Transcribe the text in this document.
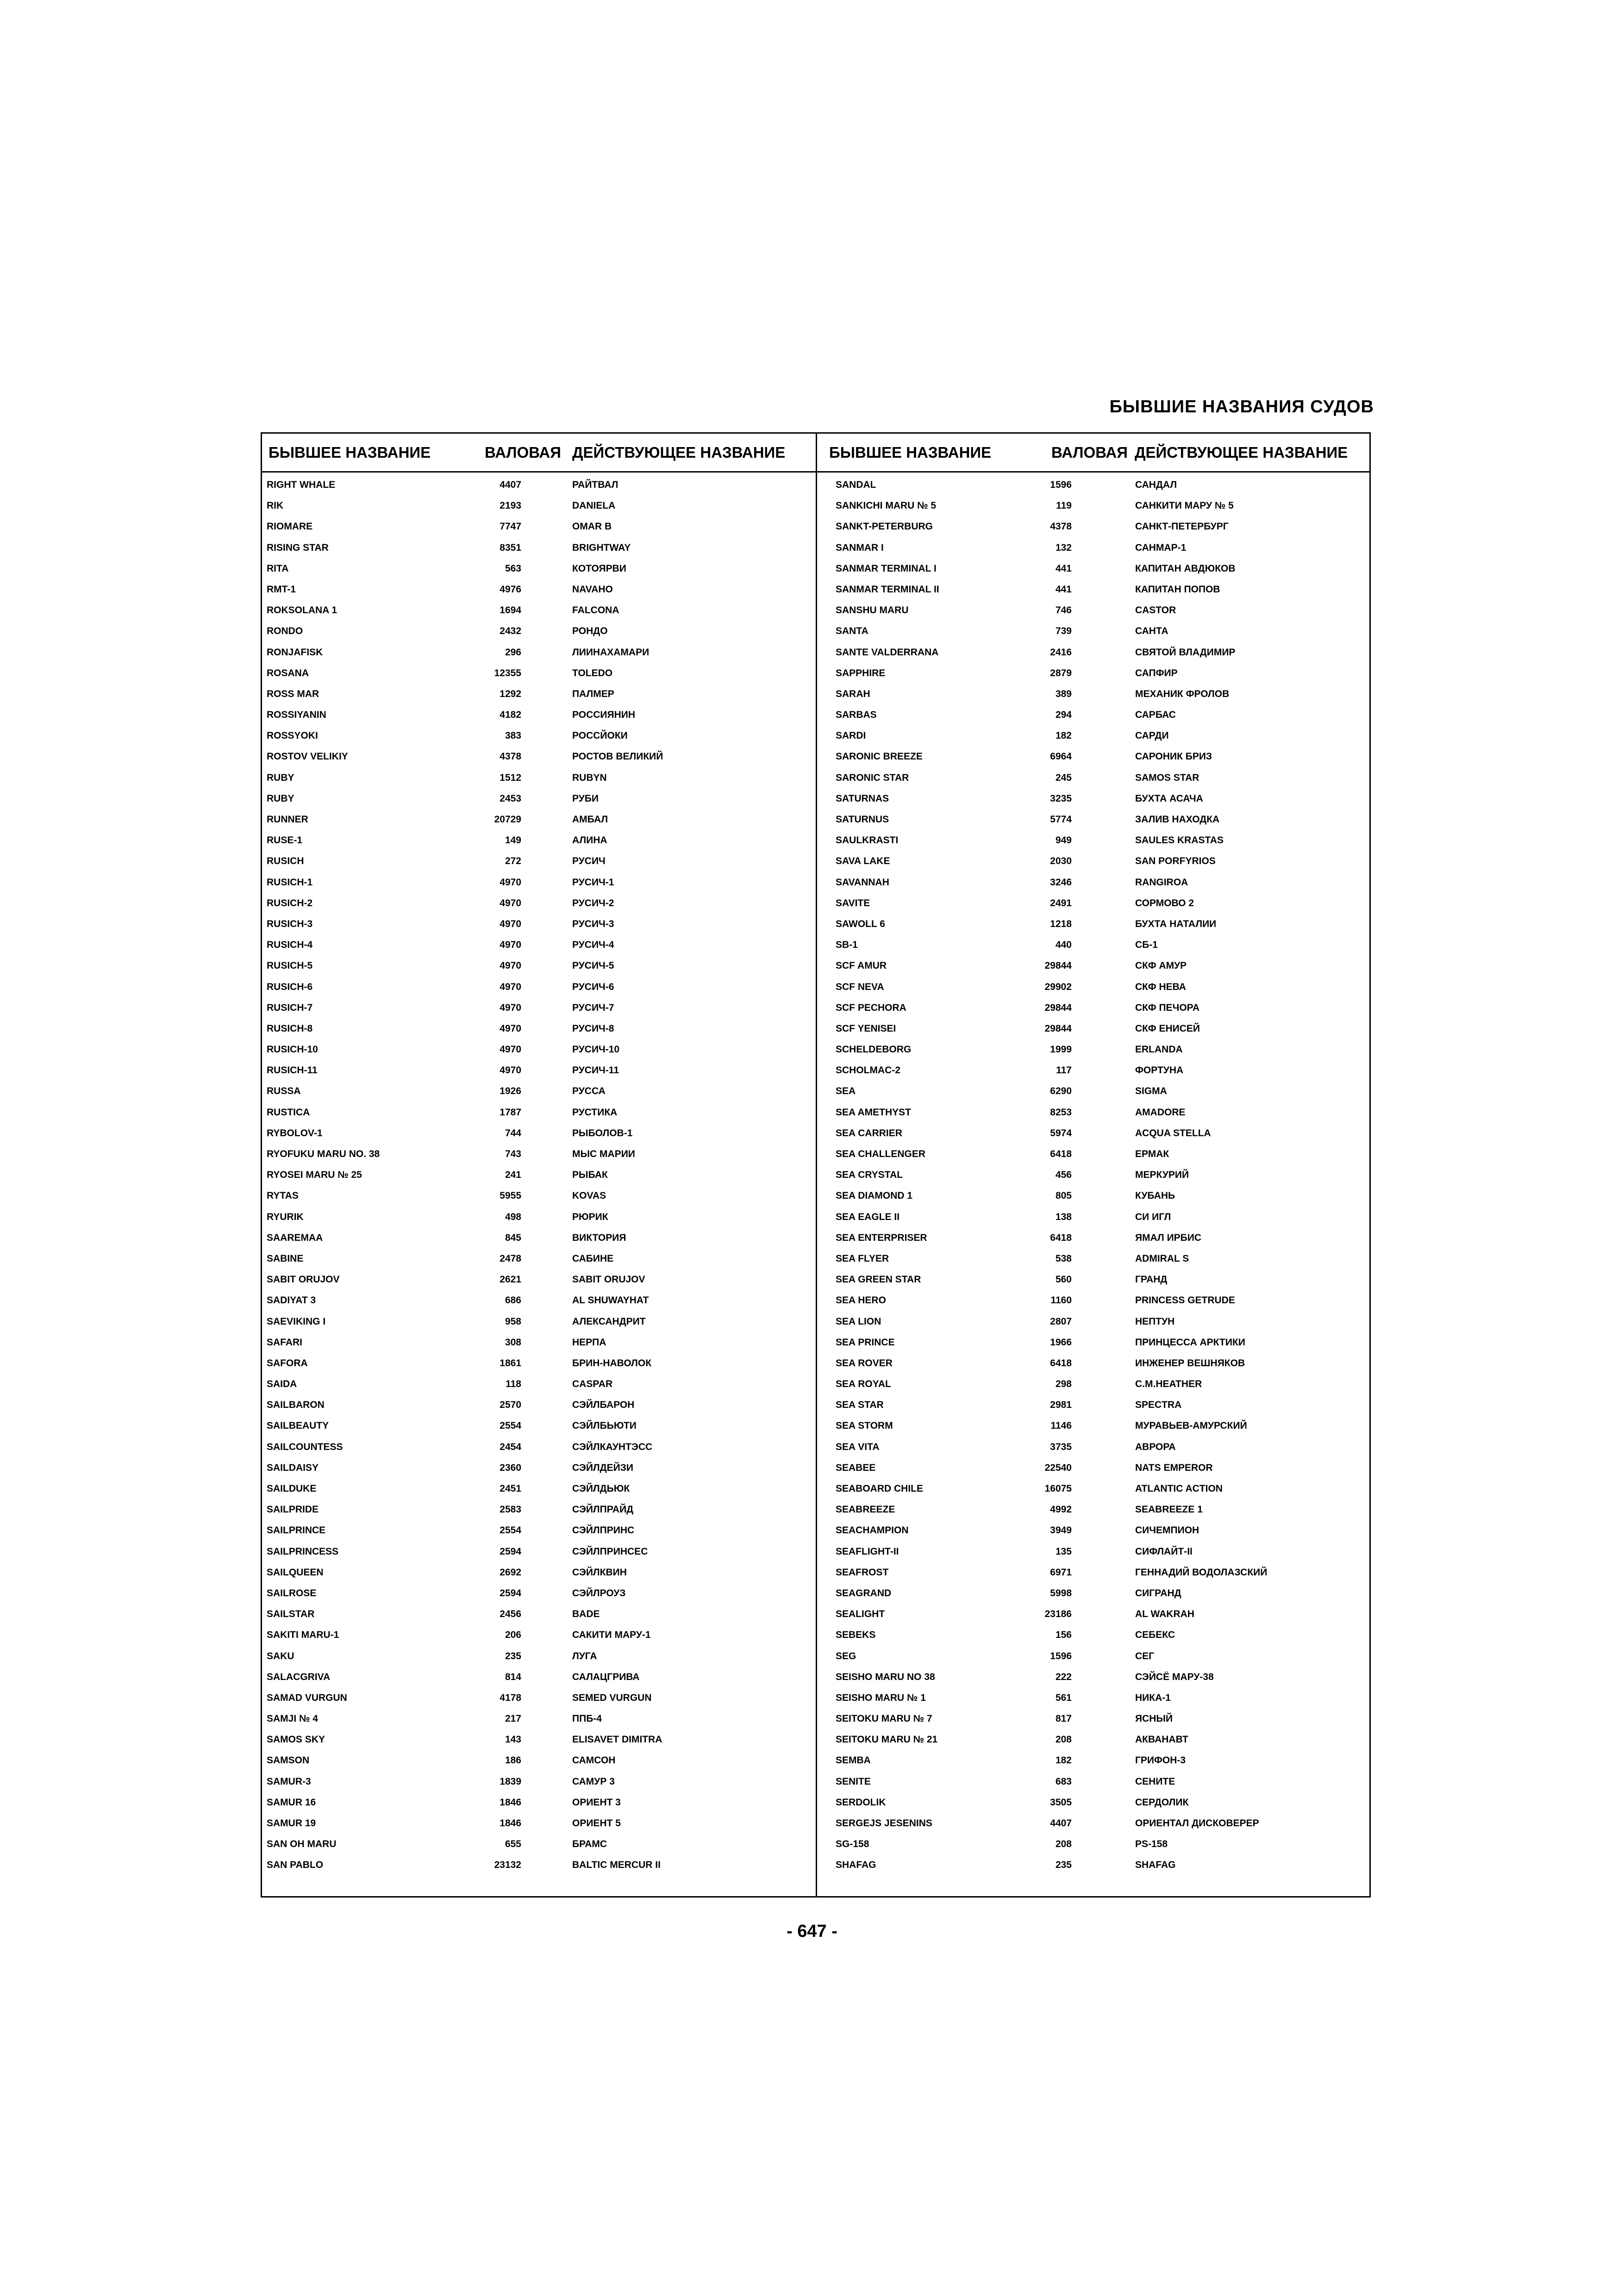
БЫВШИЕ НАЗВАНИЯ СУДОВ
БЫВШЕЕ НАЗВАНИЕ	ВАЛОВАЯ ДЕЙСТВУЮЩЕЕ НАЗВАНИЕ
RIGHT WHALE	4407	РАЙТВАЛ
RIK	2193	DANIELA
RIOMARE	7747	OMAR B
RISING STAR	8351	BRIGHTWAY
RITA	563	КОТОЯРВИ
RMT-1	4976	NAVAHO
ROKSOLANA 1	1694	FALCONA
RONDO	2432	РОНДО
RONJAFISK	296	ЛИИНАХАМАРИ
ROSANA	12355	TOLEDO
ROSS MAR	1292	ПАЛМЕР
ROSSIYANIN	4182	РОССИЯНИН
ROSSYOKI	383	РОССЙОКИ
ROSTOV VELIKIY	4378	РОСТОВ ВЕЛИКИЙ
RUBY	1512	RUBYN
RUBY	2453	РУБИ
RUNNER	20729	АМБАЛ
RUSE-1	149	АЛИНА
RUSICH	272	РУСИЧ
RUSICH-1	4970	РУСИЧ-1
RUSICH-2	4970	РУСИЧ-2
RUSICH-3	4970	РУСИЧ-3
RUSICH-4	4970	РУСИЧ-4
RUSICH-5	4970	РУСИЧ-5
RUSICH-6	4970	РУСИЧ-6
RUSICH-7	4970	РУСИЧ-7
RUSICH-8	4970	РУСИЧ-8
RUSICH-10	4970	РУСИЧ-10
RUSICH-11	4970	РУСИЧ-11
RUSSA	1926	РУССА
RUSTICA	1787	РУСТИКА
RYBOLOV-1	744	РЫБОЛОВ-1
RYOFUKU MARU NO. 38	743	МЫС МАРИИ
RYOSEI MARU № 25	241	РЫБАК
RYTAS	5955	KOVAS
RYURIK	498	РЮРИК
SAAREMAA	845	ВИКТОРИЯ
SABINE	2478	САБИНЕ
SABIT ORUJOV	2621	SABIT ORUJOV
SADIYAT 3	686	AL SHUWAYHAT
SAEVIKING I	958	АЛЕКСАНДРИТ
SAFARI	308	НЕРПА
SAFORA	1861	БРИН-НАВОЛОК
SAIDA	118	CASPAR
SAILBARON	2570	СЭЙЛБАРОН
SAILBEAUTY	2554	СЭЙЛБЬЮТИ
SAILCOUNTESS	2454	СЭЙЛКАУНТЭСС
SAILDAISY	2360	СЭЙЛДЕЙЗИ
SAILDUKE	2451	СЭЙЛДЬЮК
SAILPRIDE	2583	СЭЙЛПРАЙД
SAILPRINCE	2554	СЭЙЛПРИНС
SAILPRINCESS	2594	СЭЙЛПРИНСЕС
SAILQUEEN	2692	СЭЙЛКВИН
SAILROSE	2594	СЭЙЛРОУЗ
SAILSTAR	2456	BADE
SAKITI MARU-1	206	САКИТИ МАРУ-1
SAKU	235	ЛУГА
SALACGRIVA	814	САЛАЦГРИВА
SAMAD VURGUN	4178	SEMED VURGUN
SAMJI № 4	217	ППБ-4
SAMOS SKY	143	ELISAVET DIMITRA
SAMSON	186	САМСОН
SAMUR-3	1839	САМУР 3
SAMUR 16	1846	ОРИЕНТ 3
SAMUR 19	1846	ОРИЕНТ 5
SAN OH MARU	655	БРАМС
SAN PABLO	23132	BALTIC MERCUR II
БЫВШЕЕ НАЗВАНИЕ	ВАЛОВАЯ ДЕЙСТВУЮЩЕЕ НАЗВАНИЕ
SANDAL	1596	САНДАЛ
SANKICHI MARU № 5	119	САНКИТИ МАРУ № 5
SANKT-PETERBURG	4378	САНКТ-ПЕТЕРБУРГ
SANMAR I	132	САНМАР-1
SANMAR TERMINAL I	441	КАПИТАН АВДЮКОВ
SANMAR TERMINAL II	441	КАПИТАН ПОПОВ
SANSHU MARU	746	CASTOR
SANTA	739	САНТА
SANTE VALDERRANA	2416	СВЯТОЙ ВЛАДИМИР
SAPPHIRE	2879	САПФИР
SARAH	389	МЕХАНИК ФРОЛОВ
SARBAS	294	САРБАС
SARDI	182	САРДИ
SARONIC BREEZE	6964	САРОНИК БРИЗ
SARONIC STAR	245	SAMOS STAR
SATURNAS	3235	БУХТА АСАЧА
SATURNUS	5774	ЗАЛИВ НАХОДКА
SAULKRASTI	949	SAULES KRASTAS
SAVA LAKE	2030	SAN PORFYRIOS
SAVANNAH	3246	RANGIROA
SAVITE	2491	СОРМОВО 2
SAWOLL 6	1218	БУХТА НАТАЛИИ
SB-1	440	СБ-1
SCF AMUR	29844	СКФ АМУР
SCF NEVA	29902	СКФ НЕВА
SCF PECHORA	29844	СКФ ПЕЧОРА
SCF YENISEI	29844	СКФ ЕНИСЕЙ
SCHELDEBORG	1999	ERLANDA
SCHOLMAC-2	117	ФОРТУНА
SEA	6290	SIGMA
SEA AMETHYST	8253	AMADORE
SEA CARRIER	5974	ACQUA STELLA
SEA CHALLENGER	6418	ЕРМАК
SEA CRYSTAL	456	МЕРКУРИЙ
SEA DIAMOND 1	805	КУБАНЬ
SEA EAGLE II	138	СИ ИГЛ
SEA ENTERPRISER	6418	ЯМАЛ ИРБИС
SEA FLYER	538	ADMIRAL S
SEA GREEN STAR	560	ГРАНД
SEA HERO	1160	PRINCESS GETRUDE
SEA LION	2807	НЕПТУН
SEA PRINCE	1966	ПРИНЦЕССА АРКТИКИ
SEA ROVER	6418	ИНЖЕНЕР ВЕШНЯКОВ
SEA ROYAL	298	C.M.HEATHER
SEA STAR	2981	SPECTRA
SEA STORM	1146	МУРАВЬЕВ-АМУРСКИЙ
SEA VITA	3735	АВРОРА
SEABEE	22540	NATS EMPEROR
SEABOARD CHILE	16075	ATLANTIC ACTION
SEABREEZE	4992	SEABREEZE 1
SEACHAMPION	3949	СИЧЕМПИОН
SEAFLIGHT-II	135	СИФЛАЙТ-II
SEAFROST	6971	ГЕННАДИЙ ВОДОЛАЗСКИЙ
SEAGRAND	5998	СИГРАНД
SEALIGHT	23186	AL WAKRAH
SEBEKS	156	СЕБЕКС
SEG	1596	СЕГ
SEISHO MARU NO 38	222	СЭЙСЁ МАРУ-38
SEISHO MARU № 1	561	НИКА-1
SEITOKU MARU № 7	817	ЯСНЫЙ
SEITOKU MARU № 21	208	АКВАНАВТ
SEMBA	182	ГРИФОН-3
SENITE	683	СЕНИТЕ
SERDOLIK	3505	СЕРДОЛИК
SERGEJS JESENINS	4407	ОРИЕНТАЛ ДИСКОВЕРЕР
SG-158	208	PS-158
SHAFAG	235	SHAFAG
- 647 -
